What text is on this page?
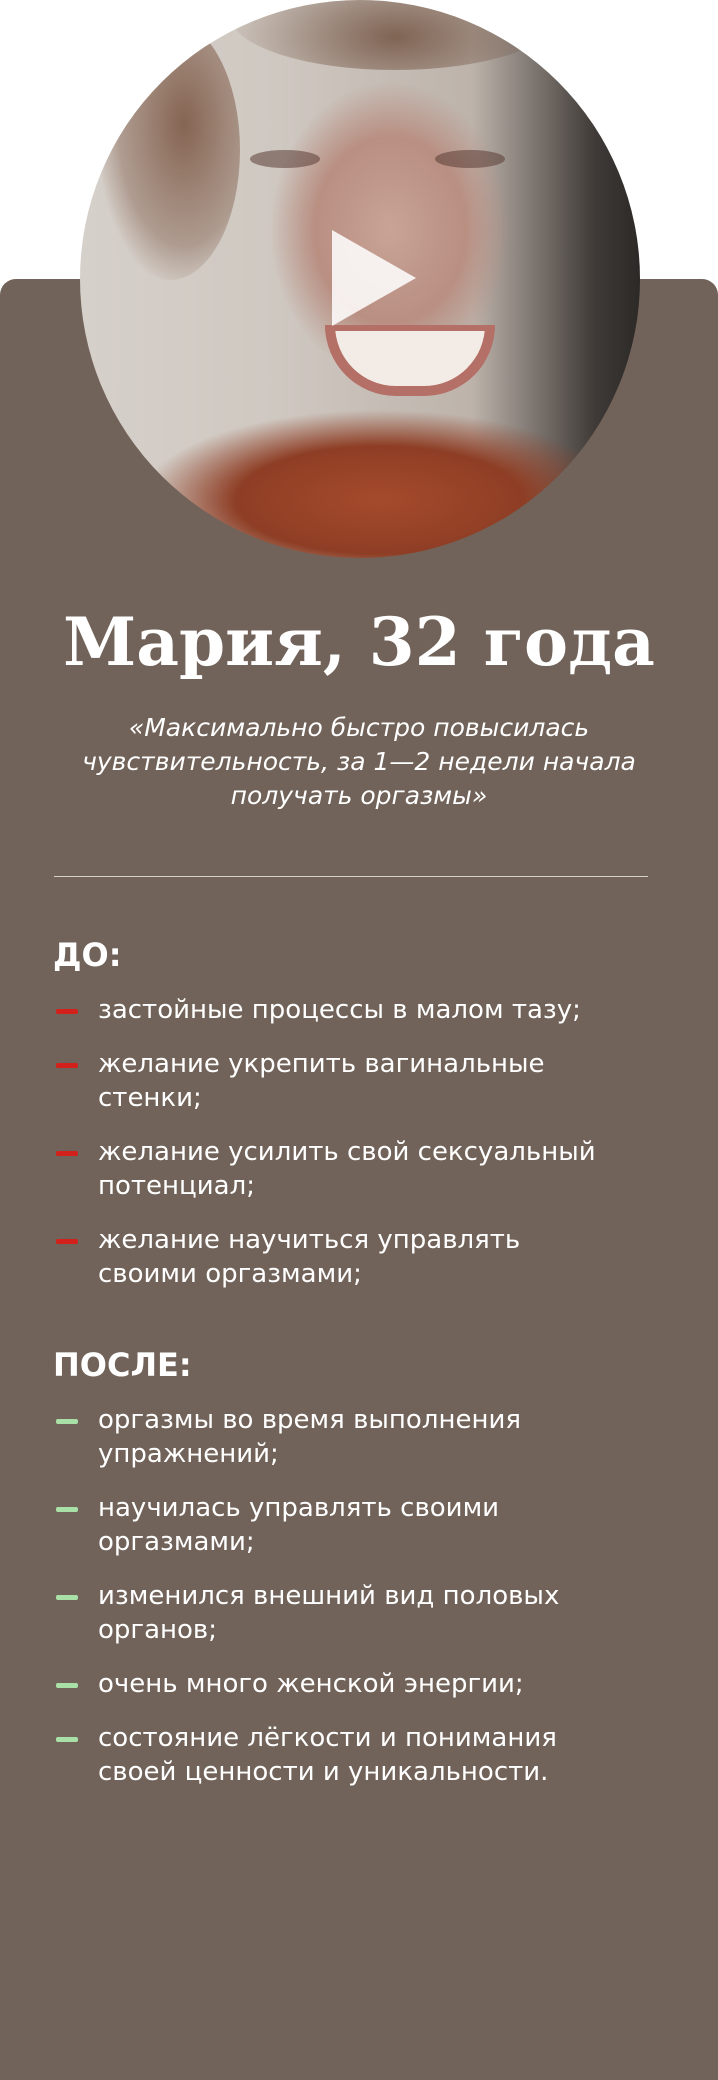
Мария, 32 года

«Максимально быстро повысилась чувствительность, за 1—2 недели начала получать оргазмы»

ДО:
застойные процессы в малом тазу;
желание укрепить вагинальные стенки;
желание усилить свой сексуальный потенциал;
желание научиться управлять своими оргазмами;
ПОСЛЕ:
оргазмы во время выполнения упражнений;
научилась управлять своими оргазмами;
изменился внешний вид половых органов;
очень много женской энергии;
состояние лёгкости и понимания своей ценности и уникальности.
